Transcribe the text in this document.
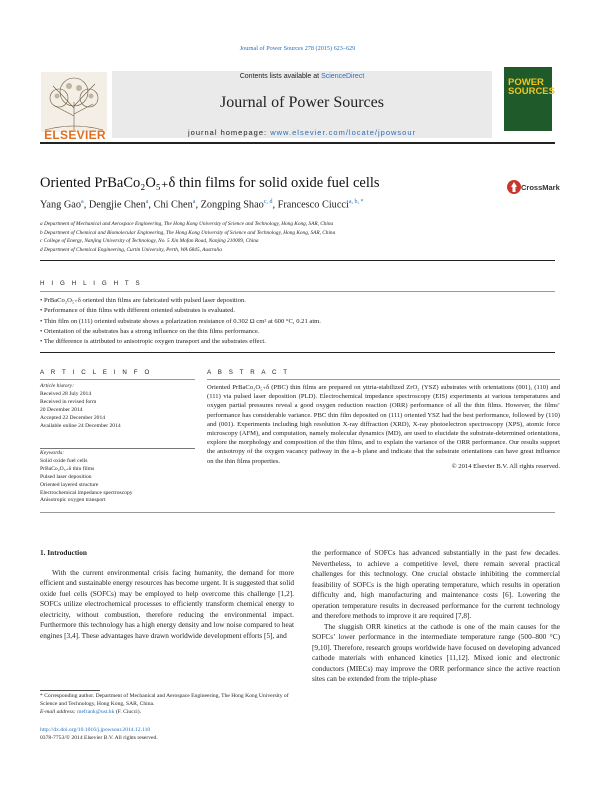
Journal of Power Sources 278 (2015) 623–629
ELSEVIER
Contents lists available at ScienceDirect
Journal of Power Sources
journal homepage: www.elsevier.com/locate/jpowsour
POWER
SOURCES
Oriented PrBaCo₂O₅₊δ thin films for solid oxide fuel cells	CrossMark
Yang Gao$^a$, Dengjie Chen$^a$, Chi Chen$^a$, Zongping Shao$^{c, d}$, Francesco Ciucci$^{a, b, *}$
a Department of Mechanical and Aerospace Engineering, The Hong Kong University of Science and Technology, Hong Kong, SAR, China
b Department of Chemical and Biomolecular Engineering, The Hong Kong University of Science and Technology, Hong Kong, SAR, China
c College of Energy, Nanjing University of Technology, No. 5 Xin Mofan Road, Nanjing 210009, China
d Department of Chemical Engineering, Curtin University, Perth, WA 6845, Australia
H I G H L I G H T S
• PrBaCo₂O₅₊δ oriented thin films are fabricated with pulsed laser deposition.
• Performance of thin films with different oriented substrates is evaluated.
• Thin film on (111) oriented substrate shows a polarization resistance of 0.302 Ω cm² at 600 °C, 0.21 atm.
• Orientation of the substrates has a strong influence on the thin films performance.
• The difference is attributed to anisotropic oxygen transport and the substrates effect.
A R T I C L E I N F O	A B S T R A C T
Article history:
Received 28 July 2014
Received in revised form
20 December 2014
Accepted 22 December 2014
Available online 24 December 2014
Keywords:
Solid oxide fuel cells
PrBaCo₂O₅₊δ thin films
Pulsed laser deposition
Oriented layered structure
Electrochemical impedance spectroscopy
Anisotropic oxygen transport
Oriented PrBaCo₂O₅₊δ (PBC) thin films are prepared on yttria-stabilized ZrO₂ (YSZ) substrates with orientations (001), (110) and (111) via pulsed laser deposition (PLD). Electrochemical impedance spectroscopy (EIS) experiments at various temperatures and oxygen partial pressures reveal a good oxygen reduction reaction (ORR) performance of all the thin films. However, the films’ performance has considerable variance. PBC thin film deposited on (111) oriented YSZ had the best performance, followed by (110) and (001). Experiments including high resolution X-ray diffraction (XRD), X-ray photoelectron spectroscopy (XPS), atomic force microscopy (AFM), and computation, namely molecular dynamics (MD), are used to elucidate the substrate-determined orientations, explore the morphology and composition of the thin films, and to explain the variance of the ORR performance. Our results support the anisotropy of the oxygen vacancy pathway in the a–b plane and indicate that the substrate orientations can have great influence on the thin films properties.
© 2014 Elsevier B.V. All rights reserved.

1. Introduction

With the current environmental crisis facing humanity, the demand for more efficient and sustainable energy resources has become urgent. It is suggested that solid oxide fuel cells (SOFCs) may be employed to help overcome this challenge [1,2]. SOFCs utilize electrochemical processes to efficiently transform chemical energy to electricity, without combustion, therefore reducing the environmental impact. Furthermore this technology has a high energy density and low noise compared to heat engines [3,4]. These advantages have drawn worldwide development efforts [5], and

the performance of SOFCs has advanced substantially in the past few decades. Nevertheless, to achieve a competitive level, there remain several practical challenges for this technology. One crucial obstacle inhibiting the commercial feasibility of SOFCs is the high operating temperature, which results in operation difficulty and, high manufacturing and maintenance costs [6]. Lowering the operation temperature results in decreased performance for the current technology and therefore methods to improve it are required [7,8].

The sluggish ORR kinetics at the cathode is one of the main causes for the SOFCs’ lower performance in the intermediate temperature range (500–800 °C) [9,10]. Therefore, research groups worldwide have focused on developing advanced cathode materials with enhanced kinetics [11,12]. Mixed ionic and electronic conductors (MIECs) may improve the ORR performance since the active reaction sites can be extended from the triple-phase

* Corresponding author. Department of Mechanical and Aerospace Engineering, The Hong Kong University of Science and Technology, Hong Kong, SAR, China.
E-mail address: mefrank@ust.hk (F. Ciucci).
http://dx.doi.org/10.1016/j.jpowsour.2014.12.110
0378-7753/© 2014 Elsevier B.V. All rights reserved.
